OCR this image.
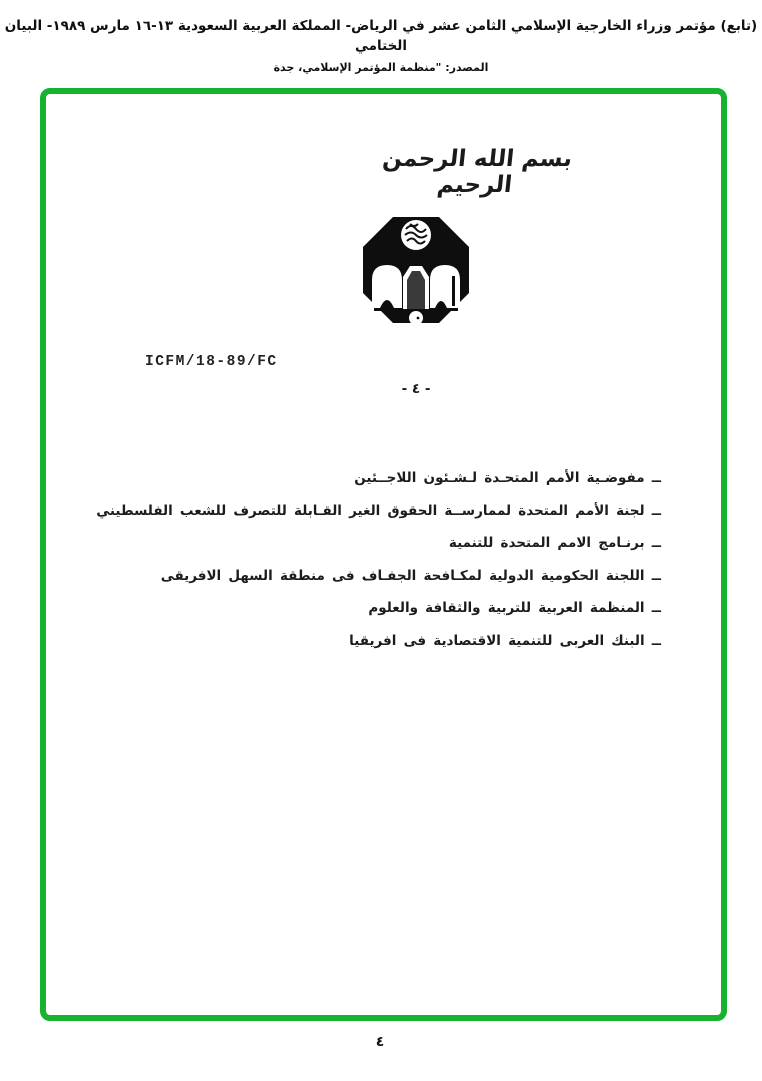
(تابع) مؤتمر وزراء الخارجية الإسلامي الثامن عشر في الرياض- المملكة العربية السعودية ١٣-١٦ مارس ١٩٨٩- البيان الختامي
المصدر: "منظمة المؤتمر الإسلامي، جدة
بسم الله الرحمن الرحيم
ICFM/18-89/FC
- ٤ -
ــ مفوضـية الأمم المتحـدة لـشـئون اللاجــئين
ــ لجنة الأمم المتحدة لممارســة الحقوق الغير القـابلة للتصرف للشعب الفلسطيني
ــ برنـامج الامم المتحدة للتنمية
ــ اللجنة الحكومية الدولية لمكـافحة الجفـاف فى منطقة السهل الافريقى
ــ المنظمة العربية للتربية والثقافة والعلوم
ــ البنك العربى للتنمية الاقتصادية فى افريقيا
٤
